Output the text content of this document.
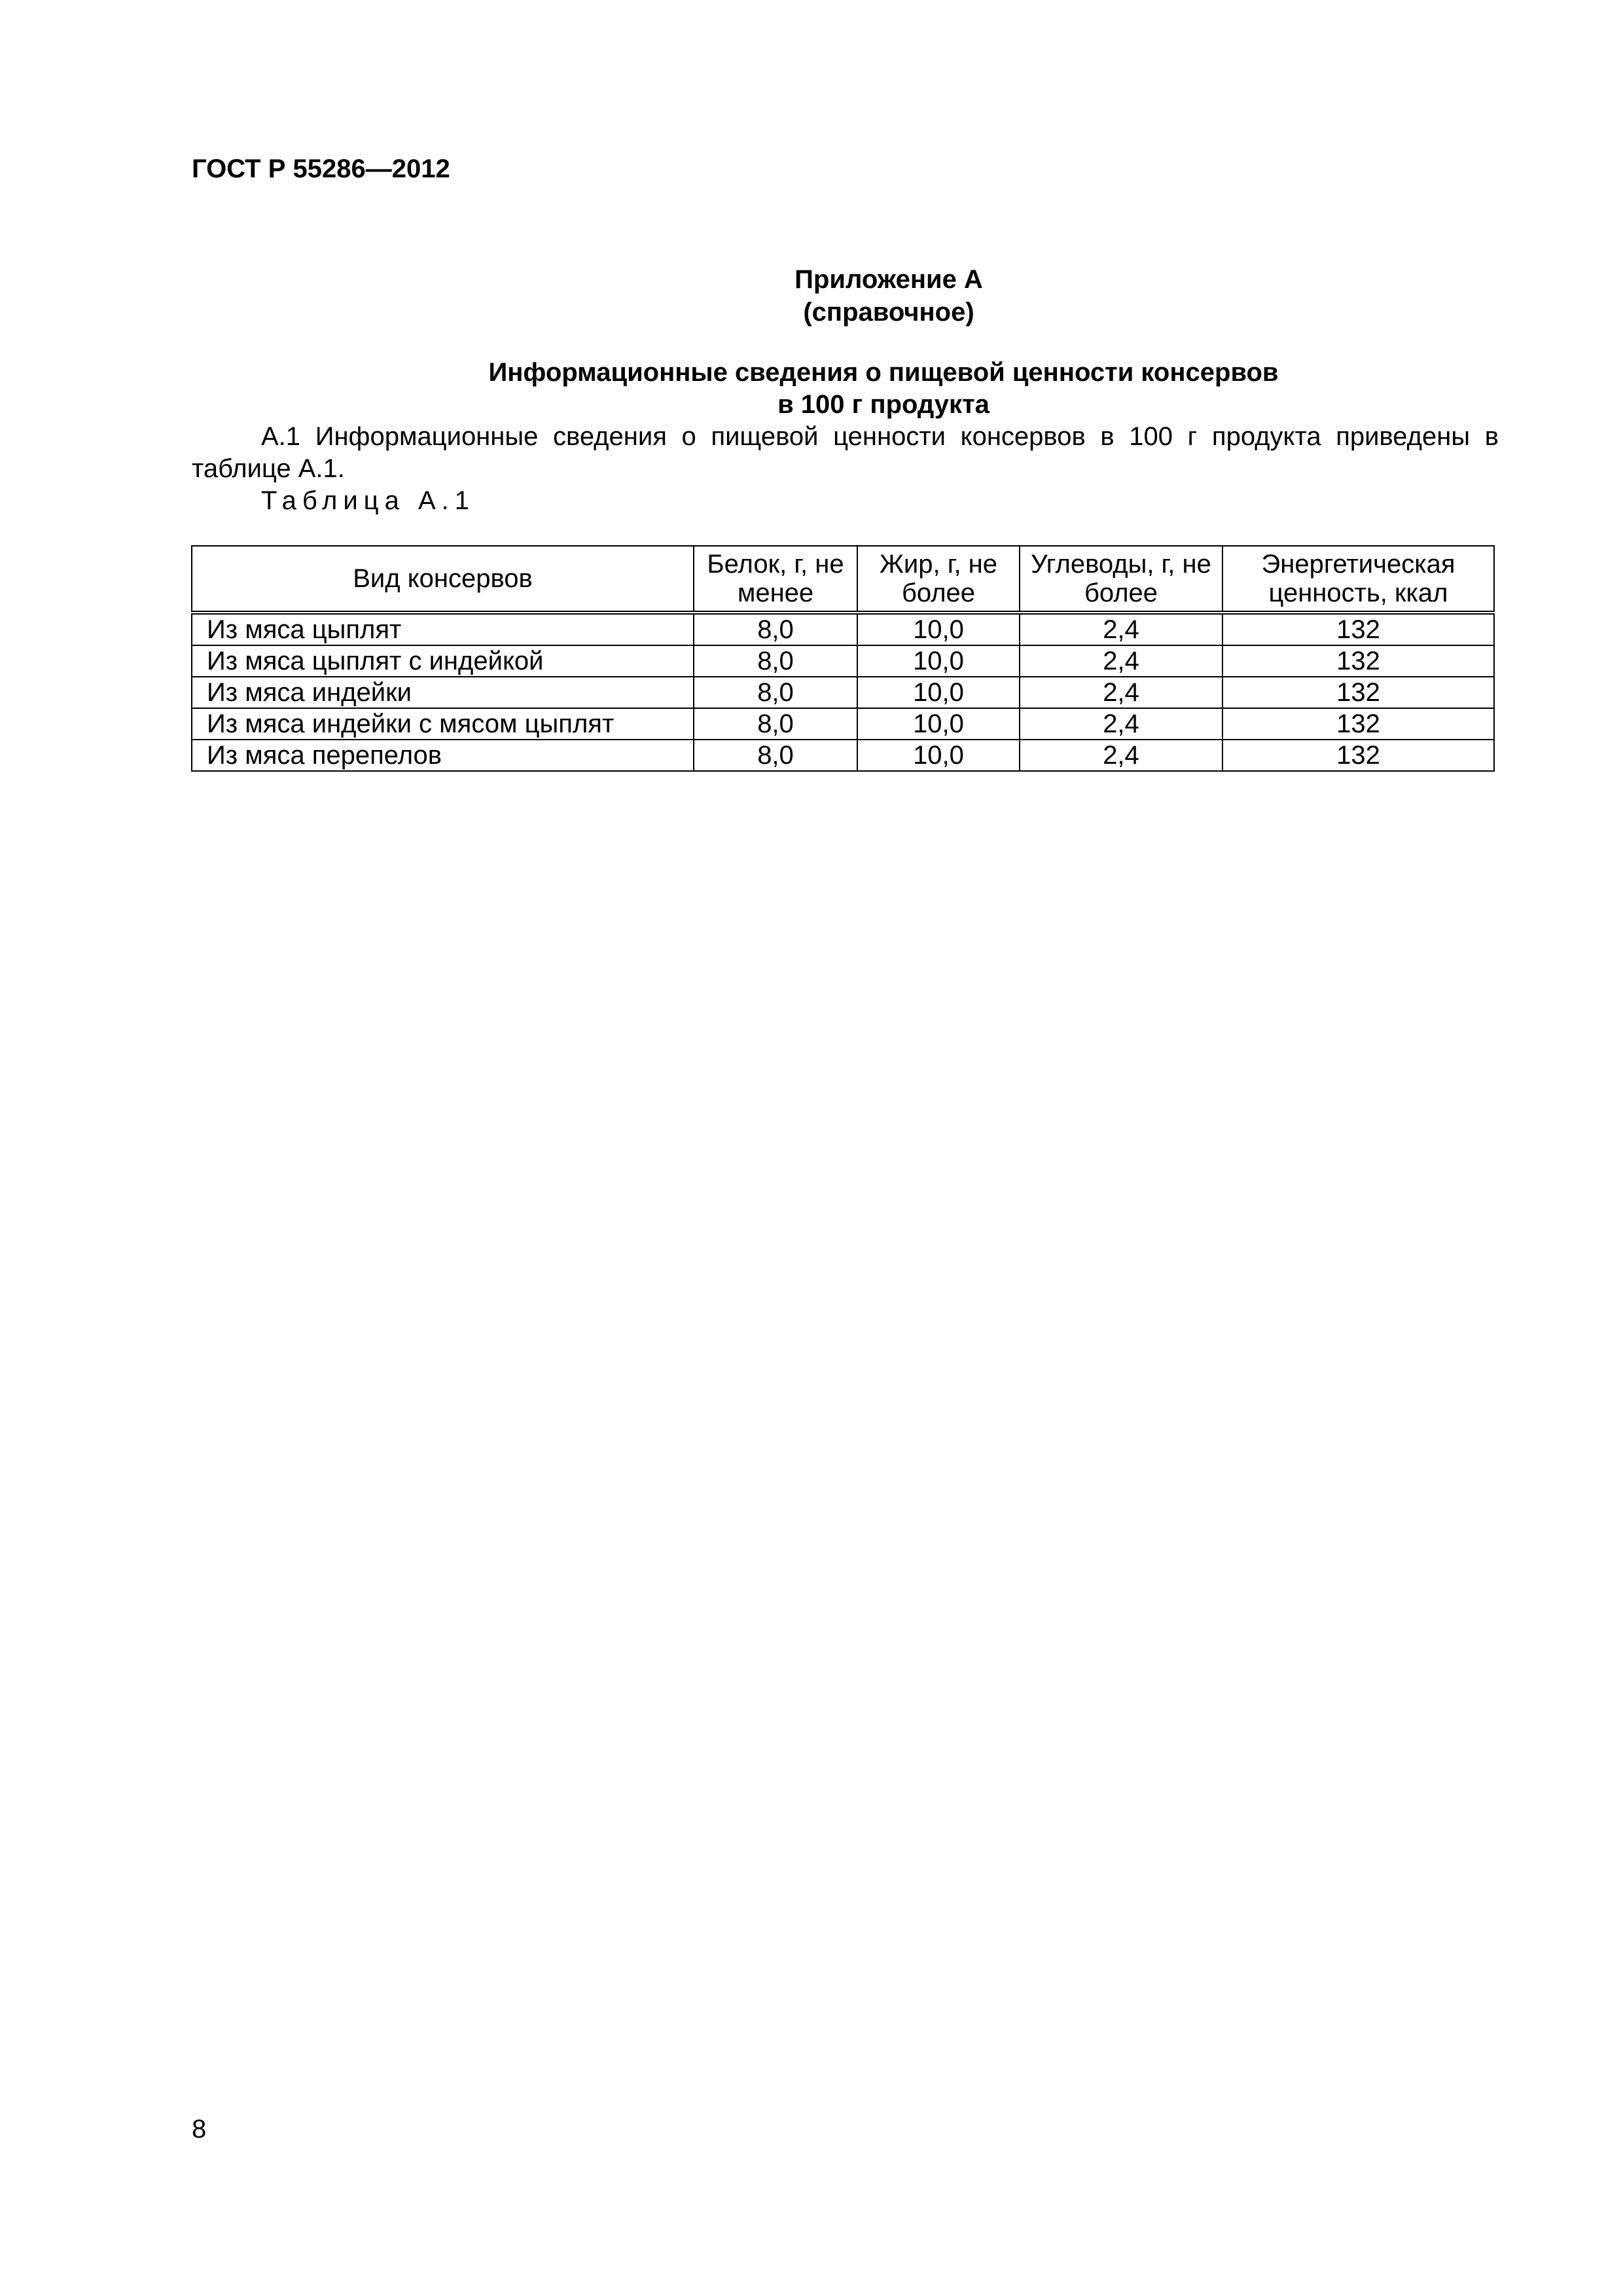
ГОСТ Р 55286—2012
Приложение А
(справочное)
Информационные сведения о пищевой ценности консервов
в 100 г продукта

А.1 Информационные сведения о пищевой ценности консервов в 100 г продукта приведены в таблице А.1.

Таблица А.1
Вид консервов	Белок, г, не менее	Жир, г, не более	Углеводы, г, не более	Энергетическая ценность, ккал
Из мяса цыплят	8,0	10,0	2,4	132
Из мяса цыплят с индейкой	8,0	10,0	2,4	132
Из мяса индейки	8,0	10,0	2,4	132
Из мяса индейки с мясом цыплят	8,0	10,0	2,4	132
Из мяса перепелов	8,0	10,0	2,4	132
8
